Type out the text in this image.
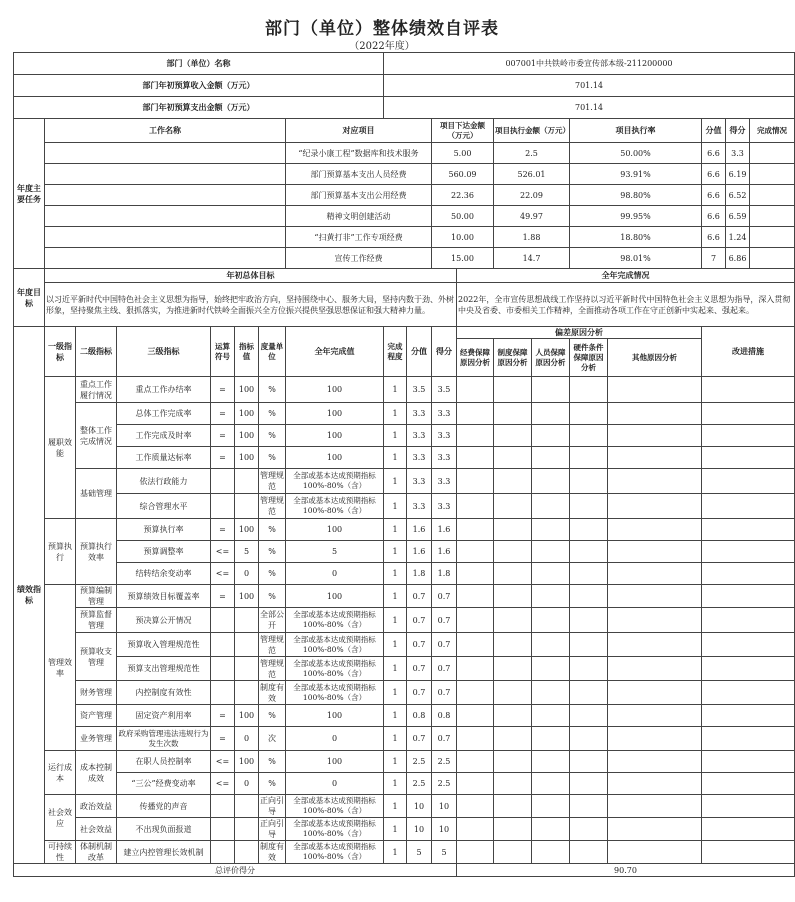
部门（单位）整体绩效自评表
（2022年度）
部门（单位）名称								007001中共铁岭市委宣传部本级-211200000										
部门年初预算收入金额（万元）								701.14										
部门年初预算支出金额（万元）								701.14										
年度主要任务	工作名称						对应项目			项目下达金额（万元）		项目执行金额（万元）		项目执行率		分值	得分	完成情况
							“纪录小康工程”数据库和技术服务			5.00		2.5		50.00%		6.6	3.3	
							部门预算基本支出人员经费			560.09		526.01		93.91%		6.6	6.19	
							部门预算基本支出公用经费			22.36		22.09		98.80%		6.6	6.52	
							精神文明创建活动			50.00		49.97		99.95%		6.6	6.59	
							“扫黄打非”工作专项经费			10.00		1.88		18.80%		6.6	1.24	
							宣传工作经费			15.00		14.7		98.01%		7	6.86	
年度目标	年初总体目标										全年完成情况							
	以习近平新时代中国特色社会主义思想为指导，始终把牢政治方向，坚持围绕中心、服务大局，坚持内数于劲、外树形象，坚持聚焦主线、狠抓落实，为推进新时代铁岭全面振兴全方位振兴提供坚强思想保证和强大精神力量。										2022年，全市宣传思想战线工作坚持以习近平新时代中国特色社会主义思想为指导，深入贯彻中央及省委、市委相关工作精神，全面推动各项工作在守正创新中实起来、强起来。							
绩效指标	一级指标	二级指标	三级指标	运算符号	指标值	度量单位	全年完成值	完成程度	分值	得分	偏差原因分析					改进措施		
											经费保障原因分析	制度保障原因分析	人员保障原因分析	硬件条件保障原因分析	其他原因分析			
	履职效能	重点工作履行情况	重点工作办结率	=	100	%	100	1	3.5	3.5								
		整体工作完成情况	总体工作完成率	=	100	%	100	1	3.3	3.3								
			工作完成及时率	=	100	%	100	1	3.3	3.3								
			工作质量达标率	=	100	%	100	1	3.3	3.3								
		基础管理	依法行政能力			管理规范	全部或基本达成预期指标100%-80%（含）	1	3.3	3.3								
			综合管理水平			管理规范	全部或基本达成预期指标100%-80%（含）	1	3.3	3.3								
	预算执行	预算执行效率	预算执行率	=	100	%	100	1	1.6	1.6								
			预算调整率	<=	5	%	5	1	1.6	1.6								
			结转结余变动率	<=	0	%	0	1	1.8	1.8								
	管理效率	预算编制管理	预算绩效目标覆盖率	=	100	%	100	1	0.7	0.7								
		预算监督管理	预决算公开情况			全部公开	全部或基本达成预期指标100%-80%（含）	1	0.7	0.7								
		预算收支管理	预算收入管理规范性			管理规范	全部或基本达成预期指标100%-80%（含）	1	0.7	0.7								
			预算支出管理规范性			管理规范	全部或基本达成预期指标100%-80%（含）	1	0.7	0.7								
		财务管理	内控制度有效性			制度有效	全部或基本达成预期指标100%-80%（含）	1	0.7	0.7								
		资产管理	固定资产利用率	=	100	%	100	1	0.8	0.8								
		业务管理	政府采购管理违法违规行为发生次数	=	0	次	0	1	0.7	0.7								
	运行成本	成本控制成效	在职人员控制率	<=	100	%	100	1	2.5	2.5								
			“三公”经费变动率	<=	0	%	0	1	2.5	2.5								
	社会效应	政治效益	传播党的声音			正向引导	全部或基本达成预期指标100%-80%（含）	1	10	10								
		社会效益	不出现负面报道			正向引导	全部或基本达成预期指标100%-80%（含）	1	10	10								
	可持续性	体制机制改革	建立内控管理长效机制			制度有效	全部或基本达成预期指标100%-80%（含）	1	5	5								
总评价得分											90.70							
